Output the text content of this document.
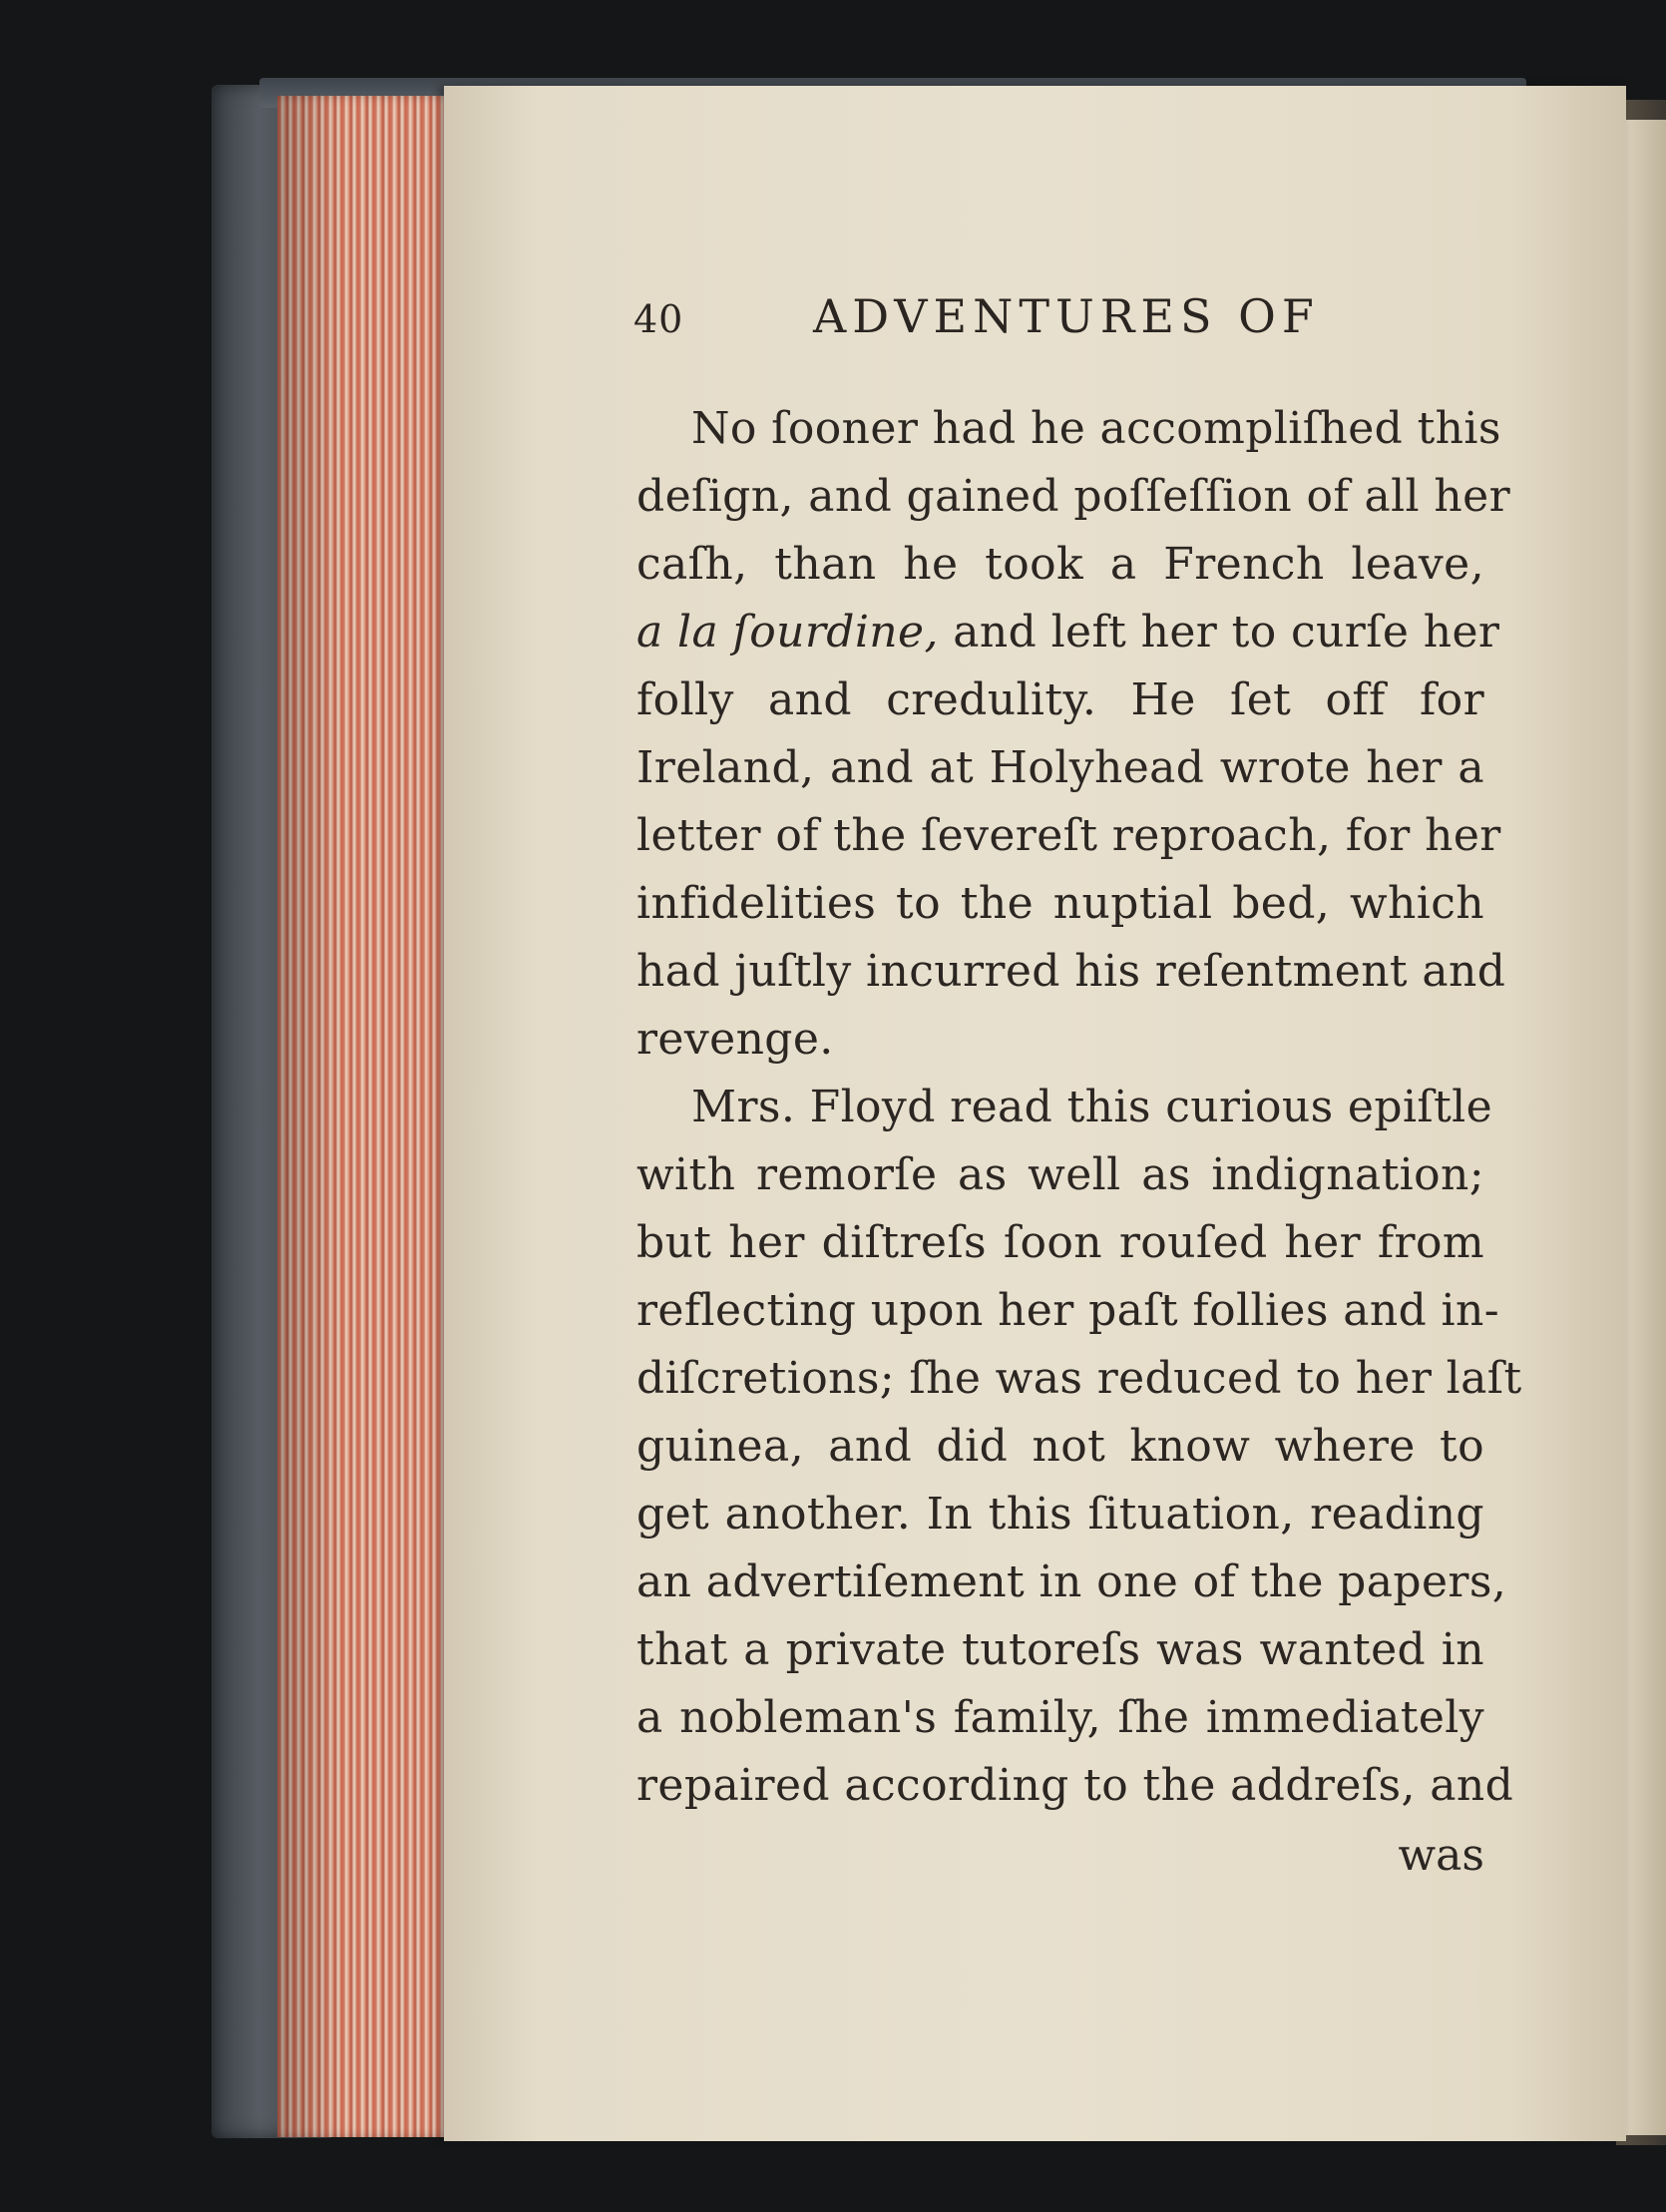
40	ADVENTURES OF
No ſooner had he accompliſhed this
deſign, and gained poſſeſſion of all her
caſh, than he took a French leave,
a la ſourdine, and left her to curſe her
folly and credulity. He ſet off for
Ireland, and at Holyhead wrote her a
letter of the ſevereſt reproach, for her
infidelities to the nuptial bed, which
had juſtly incurred his reſentment and
revenge.
Mrs. Floyd read this curious epiſtle
with remorſe as well as indignation;
but her diſtreſs ſoon rouſed her from
reflecting upon her paſt follies and in-
diſcretions; ſhe was reduced to her laſt
guinea, and did not know where to
get another. In this ſituation, reading
an advertiſement in one of the papers,
that a private tutoreſs was wanted in
a nobleman's family, ſhe immediately
repaired according to the addreſs, and
was
